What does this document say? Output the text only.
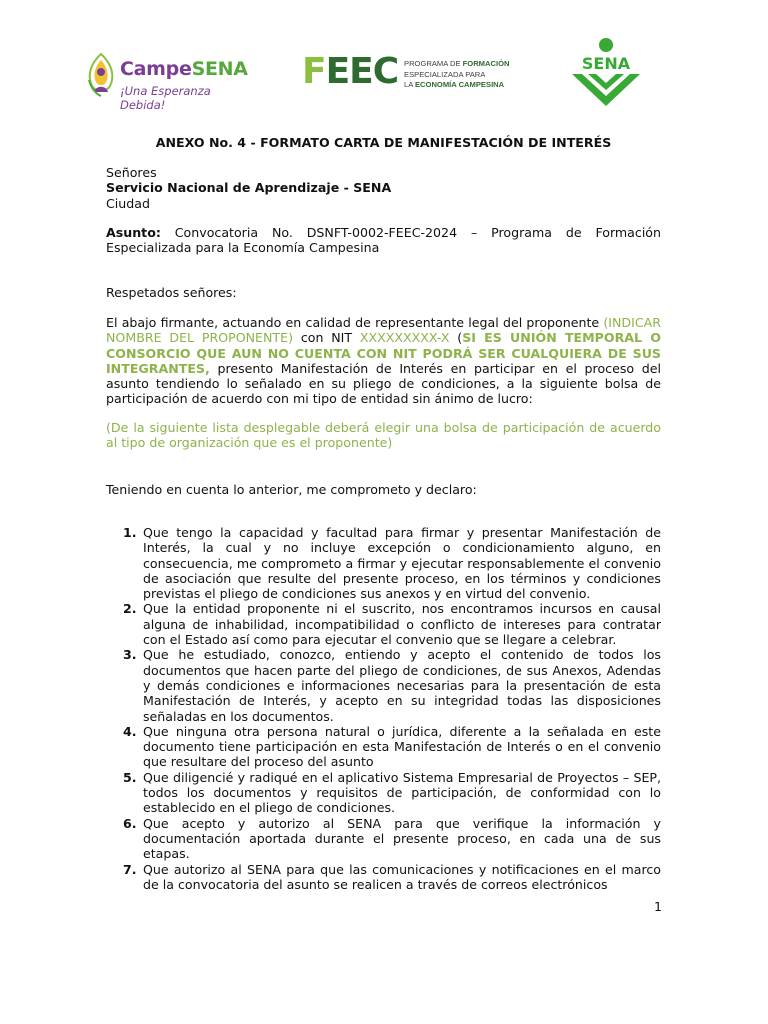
CampeSENA
¡Una Esperanza Debida!
FEEC PROGRAMA DE FORMACIÓN
ESPECIALIZADA PARA
LA ECONOMÍA CAMPESINA
SENA
ANEXO No. 4 - FORMATO CARTA DE MANIFESTACIÓN DE INTERÉS
Señores
Servicio Nacional de Aprendizaje - SENA
Ciudad
Asunto: Convocatoria No. DSNFT-0002-FEEC-2024 – Programa de Formación Especializada para la Economía Campesina
Respetados señores:
El abajo firmante, actuando en calidad de representante legal del proponente (INDICAR NOMBRE DEL PROPONENTE) con NIT XXXXXXXXX-X (SI ES UNIÓN TEMPORAL O CONSORCIO QUE AUN NO CUENTA CON NIT PODRÁ SER CUALQUIERA DE SUS INTEGRANTES, presento Manifestación de Interés en participar en el proceso del asunto tendiendo lo señalado en su pliego de condiciones, a la siguiente bolsa de participación de acuerdo con mi tipo de entidad sin ánimo de lucro:
(De la siguiente lista desplegable deberá elegir una bolsa de participación de acuerdo al tipo de organización que es el proponente)
Teniendo en cuenta lo anterior, me comprometo y declaro:
1. Que tengo la capacidad y facultad para firmar y presentar Manifestación de Interés, la cual y no incluye excepción o condicionamiento alguno, en consecuencia, me comprometo a firmar y ejecutar responsablemente el convenio de asociación que resulte del presente proceso, en los términos y condiciones previstas el pliego de condiciones sus anexos y en virtud del convenio.
2. Que la entidad proponente ni el suscrito, nos encontramos incursos en causal alguna de inhabilidad, incompatibilidad o conflicto de intereses para contratar con el Estado así como para ejecutar el convenio que se llegare a celebrar.
3. Que he estudiado, conozco, entiendo y acepto el contenido de todos los documentos que hacen parte del pliego de condiciones, de sus Anexos, Adendas y demás condiciones e informaciones necesarias para la presentación de esta Manifestación de Interés, y acepto en su integridad todas las disposiciones señaladas en los documentos.
4. Que ninguna otra persona natural o jurídica, diferente a la señalada en este documento tiene participación en esta Manifestación de Interés o en el convenio que resultare del proceso del asunto
5. Que diligencié y radiqué en el aplicativo Sistema Empresarial de Proyectos – SEP, todos los documentos y requisitos de participación, de conformidad con lo establecido en el pliego de condiciones.
6. Que acepto y autorizo al SENA para que verifique la información y documentación aportada durante el presente proceso, en cada una de sus etapas.
7. Que autorizo al SENA para que las comunicaciones y notificaciones en el marco de la convocatoria del asunto se realicen a través de correos electrónicos
1
